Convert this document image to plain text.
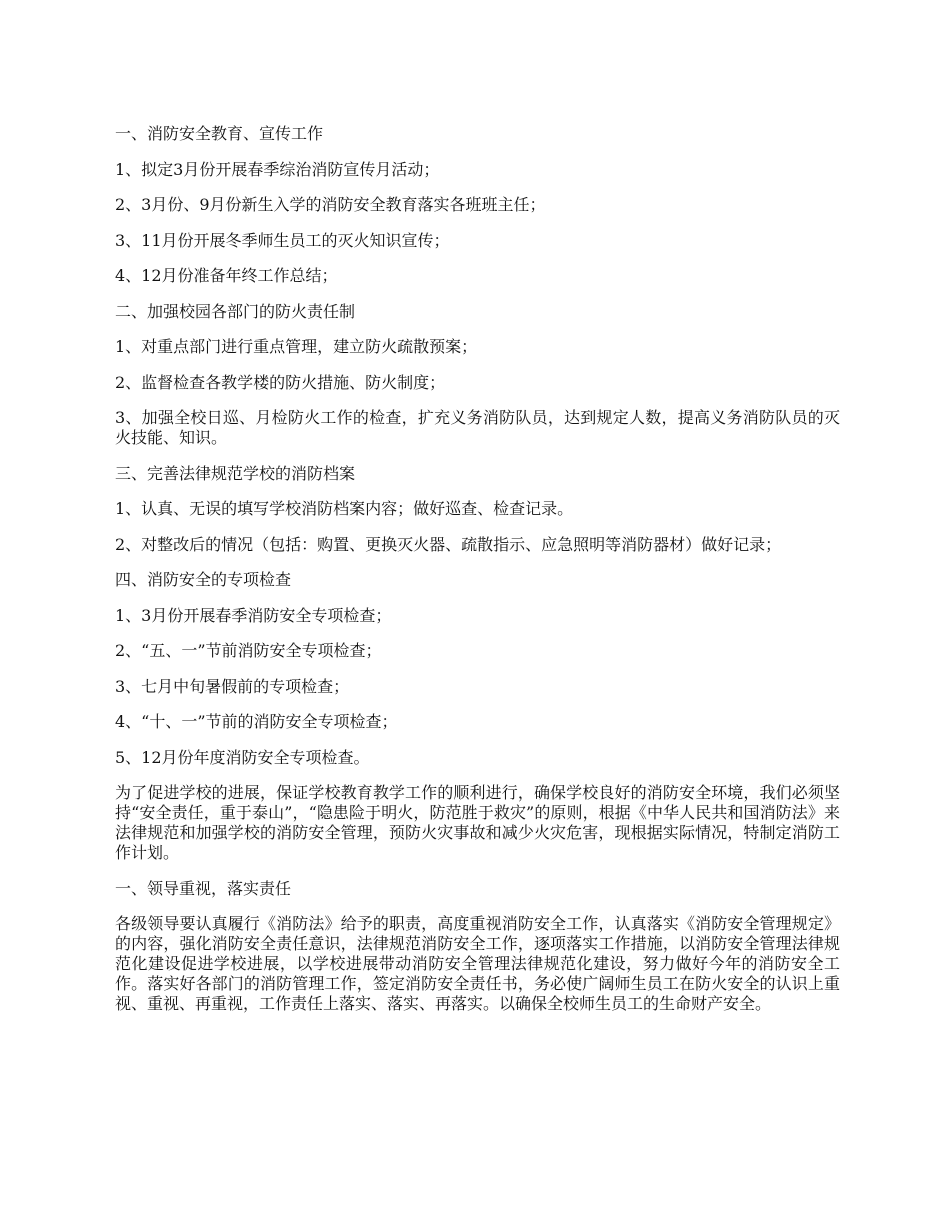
一、消防安全教育、宣传工作

1、拟定3月份开展春季综治消防宣传月活动；

2、3月份、9月份新生入学的消防安全教育落实各班班主任；

3、11月份开展冬季师生员工的灭火知识宣传；

4、12月份准备年终工作总结；

二、加强校园各部门的防火责任制

1、对重点部门进行重点管理，建立防火疏散预案；

2、监督检查各教学楼的防火措施、防火制度；

3、加强全校日巡、月检防火工作的检查，扩充义务消防队员，达到规定人数，提高义务消防队员的灭火技能、知识。

三、完善法律规范学校的消防档案

1、认真、无误的填写学校消防档案内容；做好巡查、检查记录。

2、对整改后的情况（包括：购置、更换灭火器、疏散指示、应急照明等消防器材）做好记录；

四、消防安全的专项检查

1、3月份开展春季消防安全专项检查；

2、“五、一”节前消防安全专项检查；

3、七月中旬暑假前的专项检查；

4、“十、一”节前的消防安全专项检查；

5、12月份年度消防安全专项检查。

为了促进学校的进展，保证学校教育教学工作的顺利进行，确保学校良好的消防安全环境，我们必须坚持“安全责任，重于泰山”，“隐患险于明火，防范胜于救灾”的原则，根据《中华人民共和国消防法》来法律规范和加强学校的消防安全管理，预防火灾事故和减少火灾危害，现根据实际情况，特制定消防工作计划。

一、领导重视，落实责任

各级领导要认真履行《消防法》给予的职责，高度重视消防安全工作，认真落实《消防安全管理规定》的内容，强化消防安全责任意识，法律规范消防安全工作，逐项落实工作措施，以消防安全管理法律规范化建设促进学校进展，以学校进展带动消防安全管理法律规范化建设，努力做好今年的消防安全工作。落实好各部门的消防管理工作，签定消防安全责任书，务必使广阔师生员工在防火安全的认识上重视、重视、再重视，工作责任上落实、落实、再落实。以确保全校师生员工的生命财产安全。
